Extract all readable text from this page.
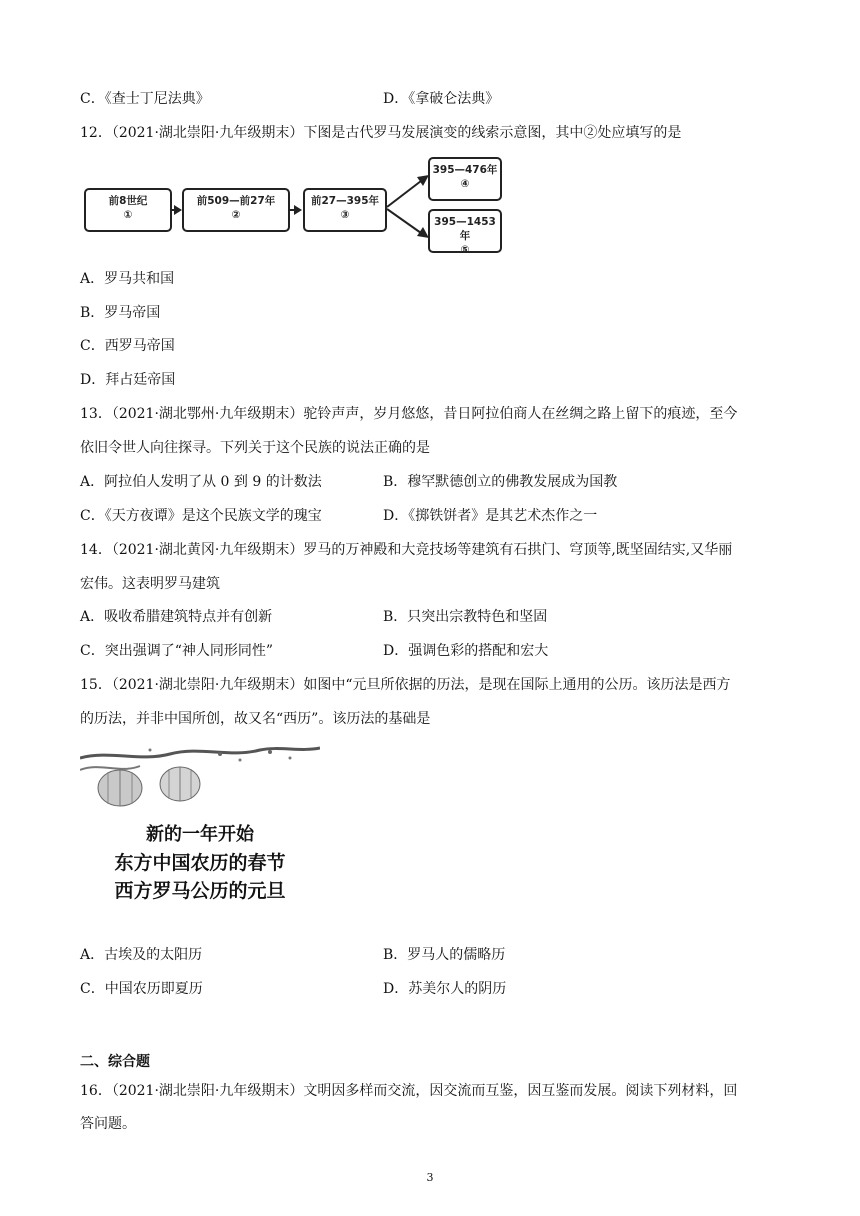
C．《查士丁尼法典》	D．《拿破仑法典》
12．（2021·湖北崇阳·九年级期末）下图是古代罗马发展演变的线索示意图，其中②处应填写的是
前8世纪
①
前509—前27年
②
前27—395年
③
395—476年
④
395—1453年
⑤
A．罗马共和国
B．罗马帝国
C．西罗马帝国
D．拜占廷帝国
13．（2021·湖北鄂州·九年级期末）驼铃声声，岁月悠悠，昔日阿拉伯商人在丝绸之路上留下的痕迹，至今
依旧令世人向往探寻。下列关于这个民族的说法正确的是
A．阿拉伯人发明了从 0 到 9 的计数法	B．穆罕默德创立的佛教发展成为国教
C．《天方夜谭》是这个民族文学的瑰宝	D．《掷铁饼者》是其艺术杰作之一
14．（2021·湖北黄冈·九年级期末）罗马的万神殿和大竞技场等建筑有石拱门、穹顶等,既坚固结实,又华丽
宏伟。这表明罗马建筑
A．吸收希腊建筑特点并有创新	B．只突出宗教特色和坚固
C．突出强调了“神人同形同性”	D．强调色彩的搭配和宏大
15．（2021·湖北崇阳·九年级期末）如图中“元旦所依据的历法，是现在国际上通用的公历。该历法是西方
的历法，并非中国所创，故又名“西历”。该历法的基础是
新的一年开始
东方中国农历的春节
西方罗马公历的元旦
A．古埃及的太阳历	B．罗马人的儒略历
C．中国农历即夏历	D．苏美尔人的阴历
二、综合题
16．（2021·湖北崇阳·九年级期末）文明因多样而交流，因交流而互鉴，因互鉴而发展。阅读下列材料，回
答问题。
3
